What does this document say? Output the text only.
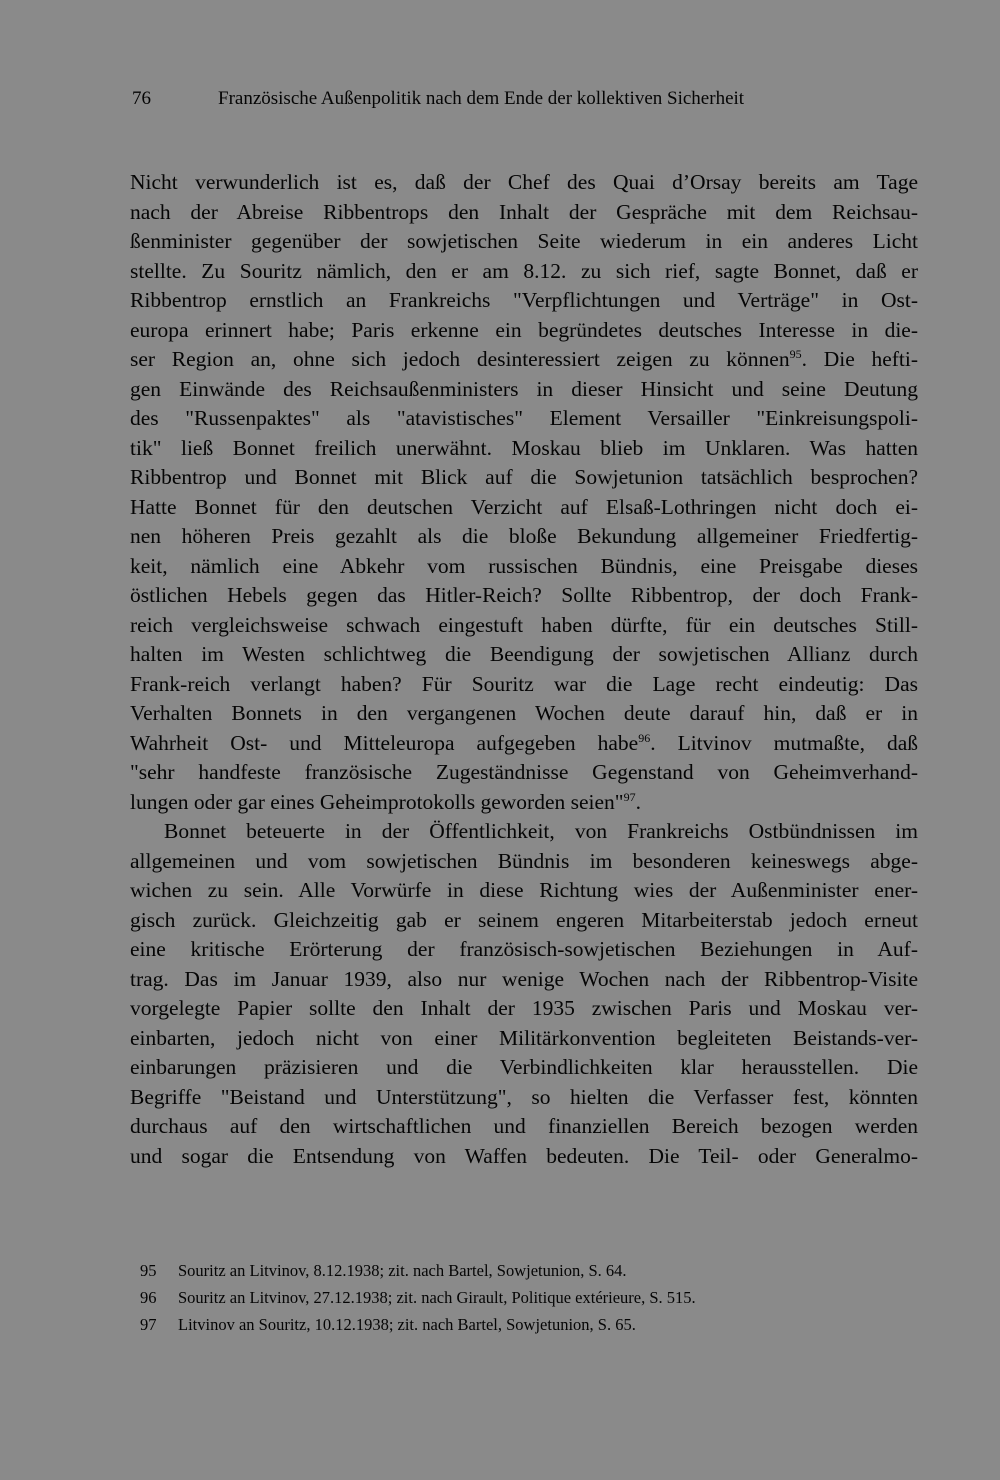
76	Französische Außenpolitik nach dem Ende der kollektiven Sicherheit
Nicht verwunderlich ist es, daß der Chef des Quai d’Orsay bereits am Tage
nach der Abreise Ribbentrops den Inhalt der Gespräche mit dem Reichsau-
ßenminister gegenüber der sowjetischen Seite wiederum in ein anderes Licht
stellte. Zu Souritz nämlich, den er am 8.12. zu sich rief, sagte Bonnet, daß er
Ribbentrop ernstlich an Frankreichs "Verpflichtungen und Verträge" in Ost-
europa erinnert habe; Paris erkenne ein begründetes deutsches Interesse in die-
ser Region an, ohne sich jedoch desinteressiert zeigen zu können$^{95}$. Die hefti-
gen Einwände des Reichsaußenministers in dieser Hinsicht und seine Deutung
des "Russenpaktes" als "atavistisches" Element Versailler "Einkreisungspoli-
tik" ließ Bonnet freilich unerwähnt. Moskau blieb im Unklaren. Was hatten
Ribbentrop und Bonnet mit Blick auf die Sowjetunion tatsächlich besprochen?
Hatte Bonnet für den deutschen Verzicht auf Elsaß-Lothringen nicht doch ei-
nen höheren Preis gezahlt als die bloße Bekundung allgemeiner Friedfertig-
keit, nämlich eine Abkehr vom russischen Bündnis, eine Preisgabe dieses
östlichen Hebels gegen das Hitler-Reich? Sollte Ribbentrop, der doch Frank-
reich vergleichsweise schwach eingestuft haben dürfte, für ein deutsches Still-
halten im Westen schlichtweg die Beendigung der sowjetischen Allianz durch
Frank-reich verlangt haben? Für Souritz war die Lage recht eindeutig: Das
Verhalten Bonnets in den vergangenen Wochen deute darauf hin, daß er in
Wahrheit Ost- und Mitteleuropa aufgegeben habe$^{96}$. Litvinov mutmaßte, daß
"sehr handfeste französische Zugeständnisse Gegenstand von Geheimverhand-
lungen oder gar eines Geheimprotokolls geworden seien"$^{97}$.
Bonnet beteuerte in der Öffentlichkeit, von Frankreichs Ostbündnissen im
allgemeinen und vom sowjetischen Bündnis im besonderen keineswegs abge-
wichen zu sein. Alle Vorwürfe in diese Richtung wies der Außenminister ener-
gisch zurück. Gleichzeitig gab er seinem engeren Mitarbeiterstab jedoch erneut
eine kritische Erörterung der französisch-sowjetischen Beziehungen in Auf-
trag. Das im Januar 1939, also nur wenige Wochen nach der Ribbentrop-Visite
vorgelegte Papier sollte den Inhalt der 1935 zwischen Paris und Moskau ver-
einbarten, jedoch nicht von einer Militärkonvention begleiteten Beistands-ver-
einbarungen präzisieren und die Verbindlichkeiten klar herausstellen. Die
Begriffe "Beistand und Unterstützung", so hielten die Verfasser fest, könnten
durchaus auf den wirtschaftlichen und finanziellen Bereich bezogen werden
und sogar die Entsendung von Waffen bedeuten. Die Teil- oder Generalmo-
95 Souritz an Litvinov, 8.12.1938; zit. nach Bartel, Sowjetunion, S. 64.
96 Souritz an Litvinov, 27.12.1938; zit. nach Girault, Politique extérieure, S. 515.
97 Litvinov an Souritz, 10.12.1938; zit. nach Bartel, Sowjetunion, S. 65.
